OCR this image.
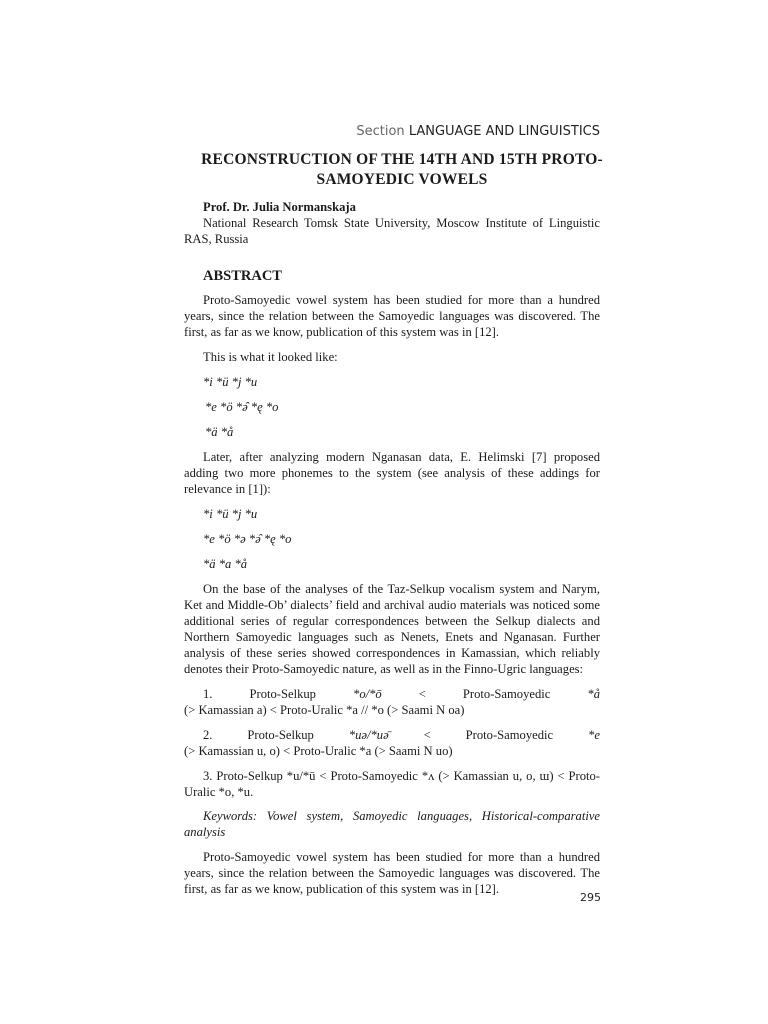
Section LANGUAGE AND LINGUISTICS
RECONSTRUCTION OF THE 14TH AND 15TH PROTO-
SAMOYEDIC VOWELS

Prof. Dr. Julia Normanskaja

National Research Tomsk State University, Moscow Institute of Linguistic RAS, Russia

ABSTRACT

Proto-Samoyedic vowel system has been studied for more than a hundred years, since the relation between the Samoyedic languages was discovered. The first, as far as we know, publication of this system was in [12].

This is what it looked like:

*i *ü *ј *u

*e *ö *ə̑ *ę *o

*ä *å

Later, after analyzing modern Nganasan data, E. Helimski [7] proposed adding two more phonemes to the system (see analysis of these addings for relevance in [1]):

*i *ü *ј *u

*e *ö *ə *ə̑ *ę *o

*ä *a *å

On the base of the analyses of the Taz-Selkup vocalism system and Narym, Ket and Middle-Ob’ dialects’ field and archival audio materials was noticed some additional series of regular correspondences between the Selkup dialects and Northern Samoyedic languages such as Nenets, Enets and Nganasan. Further analysis of these series showed correspondences in Kamassian, which reliably denotes their Proto-Samoyedic nature, as well as in the Finno-Ugric languages:

1.	Proto-Selkup	*o/*ō	<	Proto-Samoyedic	*å
(> Kamassian a) < Proto-Uralic *a // *o (> Saami N oa)
2.	Proto-Selkup	*uə/*uə̄	<	Proto-Samoyedic	*e
(> Kamassian u, o) < Proto-Uralic *a (> Saami N uo)

3. Proto-Selkup *u/*ū < Proto-Samoyedic *ʌ (> Kamassian u, o, ɯ) < Proto-Uralic *o, *u.

Keywords: Vowel system, Samoyedic languages, Historical-comparative analysis

Proto-Samoyedic vowel system has been studied for more than a hundred years, since the relation between the Samoyedic languages was discovered. The first, as far as we know, publication of this system was in [12].

295
